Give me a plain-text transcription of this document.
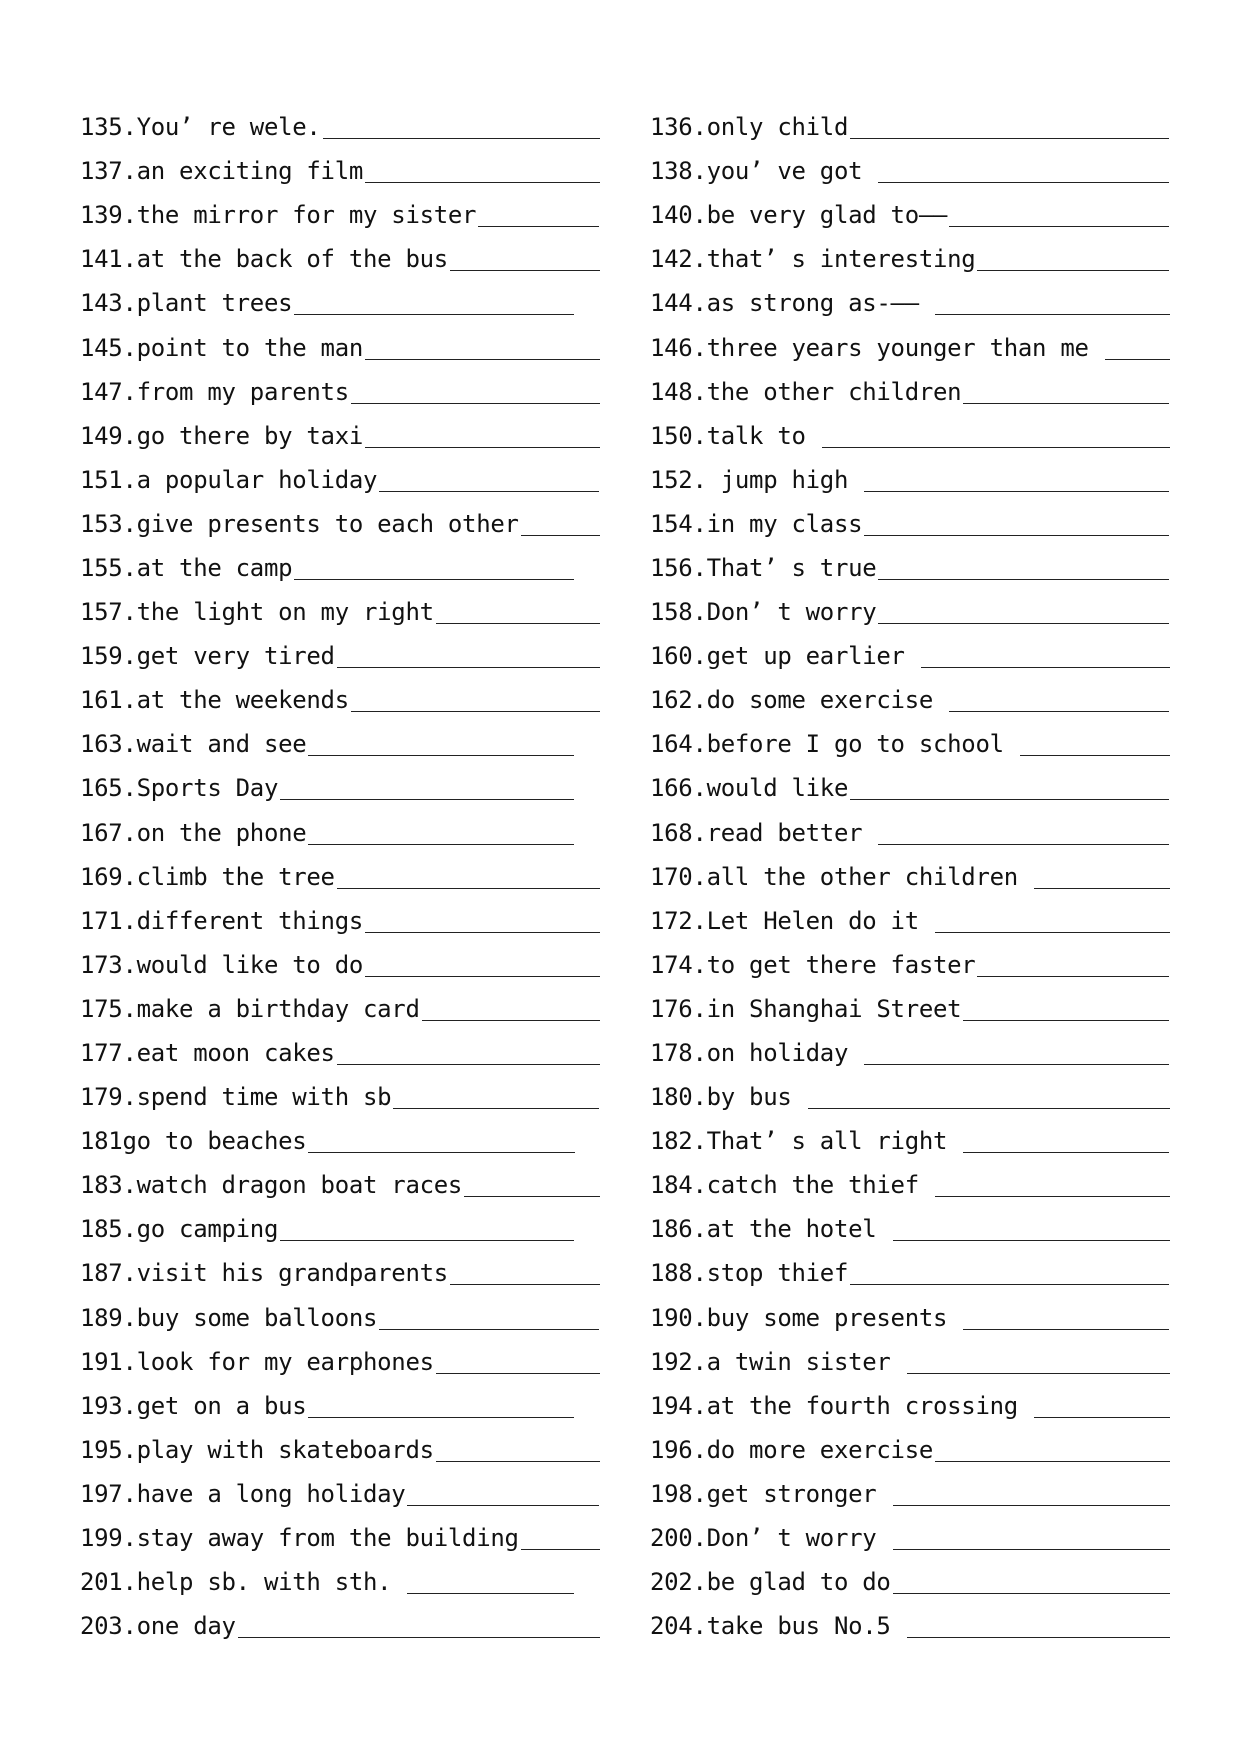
135. You’ re wele.	136. only child
137. an exciting film	138. you’ ve got
139. the mirror for my sister	140. be very glad to——
141. at the back of the bus	142. that’ s interesting
143. plant trees	144. as strong as-——
145. point to the man	146. three years younger than me
147. from my parents	148. the other children
149. go there by taxi	150. talk to
151. a popular holiday	152. jump high
153. give presents to each other	154. in my class
155. at the camp	156. That’ s true
157. the light on my right	158. Don’ t worry
159. get very tired	160. get up earlier
161. at the weekends	162. do some exercise
163. wait and see	164. before I go to school
165. Sports Day	166. would like
167. on the phone	168. read better
169. climb the tree	170. all the other children
171. different things	172. Let Helen do it
173. would like to do	174. to get there faster
175. make a birthday card	176. in Shanghai Street
177. eat moon cakes	178. on holiday
179. spend time with sb	180. by bus
181 go to beaches	182. That’ s all right
183. watch dragon boat races	184. catch the thief
185. go camping	186. at the hotel
187. visit his grandparents	188. stop thief
189. buy some balloons	190. buy some presents
191. look for my earphones	192. a twin sister
193. get on a bus	194. at the fourth crossing
195. play with skateboards	196. do more exercise
197. have a long holiday	198. get stronger
199. stay away from the building	200. Don’ t worry
201. help sb. with sth.	202. be glad to do
203. one day	204. take bus No.5
